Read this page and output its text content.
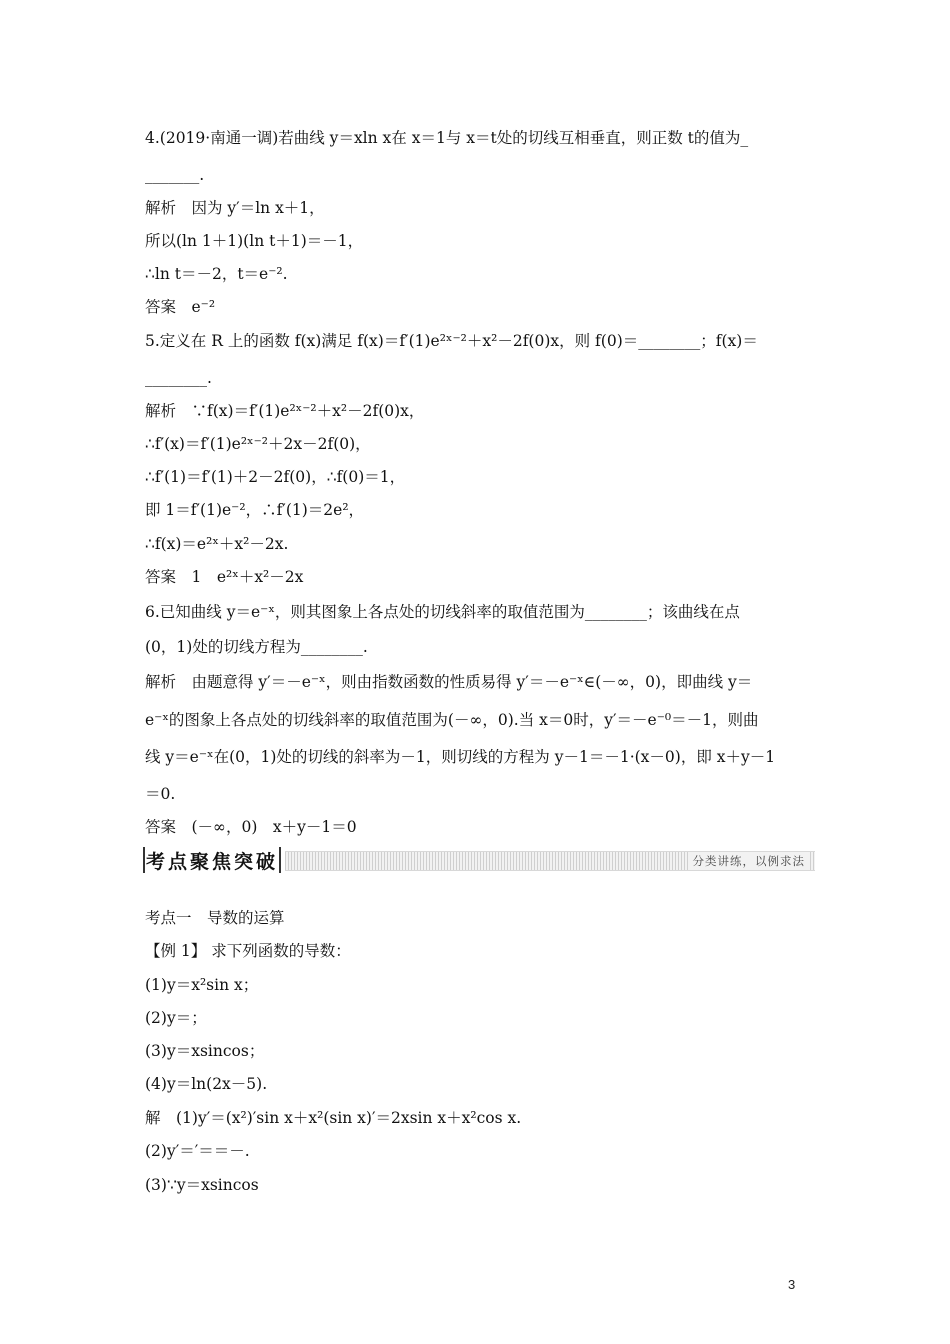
4.(2019·南通一调)若曲线 y＝xln x在 x＝1与 x＝t处的切线互相垂直，则正数 t的值为_
_______.
解析　因为 y′＝ln x＋1，
所以(ln 1＋1)(ln t＋1)＝－1，
∴ln t＝－2，t＝e⁻².
答案　e⁻²
5.定义在 R 上的函数 f(x)满足 f(x)＝f′(1)e²ˣ⁻²＋x²－2f(0)x，则 f(0)＝________；f(x)＝
________.
解析　∵f(x)＝f′(1)e²ˣ⁻²＋x²－2f(0)x，
∴f′(x)＝f′(1)e²ˣ⁻²＋2x－2f(0)，
∴f′(1)＝f′(1)＋2－2f(0)，∴f(0)＝1，
即 1＝f′(1)e⁻²，∴f′(1)＝2e²，
∴f(x)＝e²ˣ＋x²－2x.
答案　1　e²ˣ＋x²－2x
6.已知曲线 y＝e⁻ˣ，则其图象上各点处的切线斜率的取值范围为________；该曲线在点
(0，1)处的切线方程为________.
解析　由题意得 y′＝－e⁻ˣ，则由指数函数的性质易得 y′＝－e⁻ˣ∈(－∞，0)，即曲线 y＝
e⁻ˣ的图象上各点处的切线斜率的取值范围为(－∞，0).当 x＝0时，y′＝－e⁻⁰＝－1，则曲
线 y＝e⁻ˣ在(0，1)处的切线的斜率为－1，则切线的方程为 y－1＝－1·(x－0)，即 x＋y－1
＝0.
答案　(－∞，0)　x＋y－1＝0
考点聚焦突破	分类讲练，以例求法
考点一　导数的运算
【例 1】 求下列函数的导数：
(1)y＝x²sin x；
(2)y＝；
(3)y＝xsincos；
(4)y＝ln(2x－5).
解　(1)y′＝(x²)′sin x＋x²(sin x)′＝2xsin x＋x²cos x.
(2)y′＝′＝＝－.
(3)∵y＝xsincos
3
